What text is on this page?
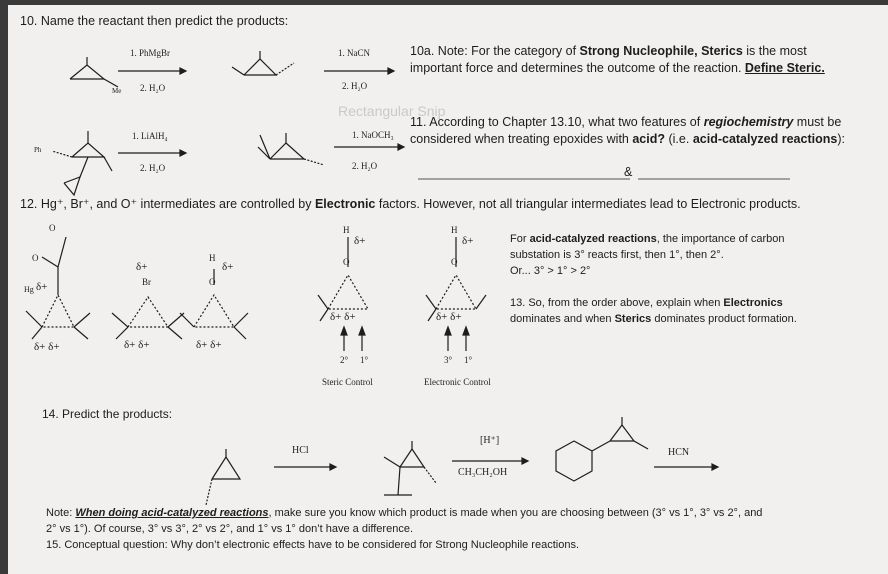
Rectangular Snip
10. Name the reactant then predict the products:
1. PhMgBr
2. H₂O
Me
1. NaCN
2. H₂O
1. LiAlH₄
2. H₂O
Ph
1. NaOCH₃
2. H₂O
10a. Note: For the category of Strong Nucleophile, Sterics is the most
important force and determines the outcome of the reaction. Define Steric.
11. According to Chapter 13.10, what two features of regiochemistry must be
considered when treating epoxides with acid? (i.e. acid-catalyzed reactions):
&
12. Hg⁺, Br⁺, and O⁺ intermediates are controlled by Electronic factors. However, not all triangular intermediates lead to Electronic products.
O
O
Hg δ+
δ+ δ+
δ+
Br
δ+ δ+
H
δ+
O
δ+ δ+
H
δ+
O
δ+ δ+
2° 1°
Steric Control
H
δ+
O
δ+ δ+
3° 1°
Electronic Control
For acid-catalyzed reactions, the importance of carbon
substation is 3° reacts first, then 1°, then 2°.
Or... 3° > 1° > 2°
13. So, from the order above, explain when Electronics
dominates and when Sterics dominates product formation.
14. Predict the products:
HCl
[H⁺]
CH₃CH₂OH
HCN
Note: When doing acid-catalyzed reactions, make sure you know which product is made when you are choosing between (3° vs 1°, 3° vs 2°, and
2° vs 1°). Of course, 3° vs 3°, 2° vs 2°, and 1° vs 1° don’t have a difference.
15. Conceptual question: Why don’t electronic effects have to be considered for Strong Nucleophile reactions.
